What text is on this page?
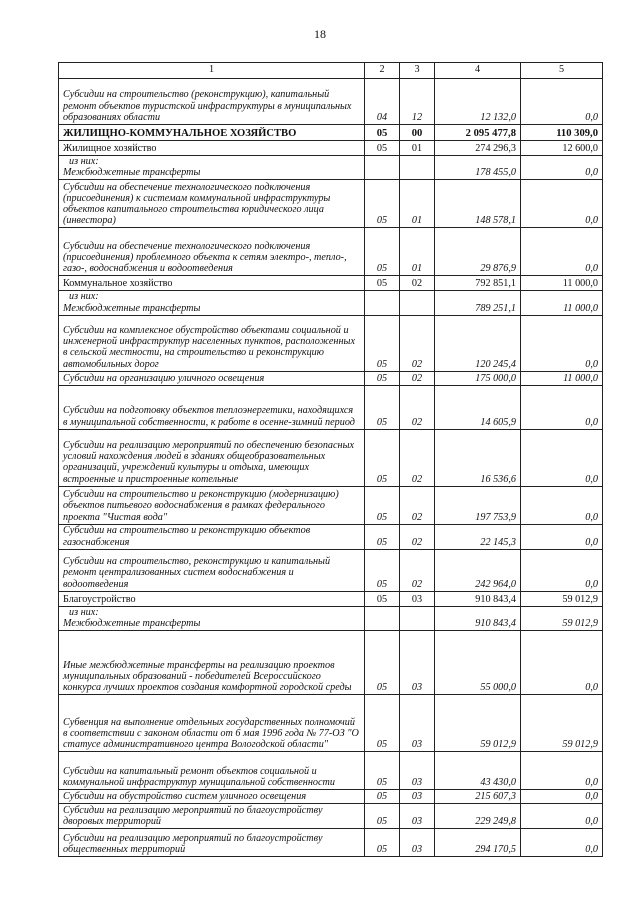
18
1	2	3	4	5
Субсидии на строительство (реконструкцию), капитальный ремонт объектов туристской инфраструктуры в муниципальных образованиях области	04	12	12 132,0	0,0
ЖИЛИЩНО-КОММУНАЛЬНОЕ ХОЗЯЙСТВО	05	00	2 095 477,8	110 309,0
Жилищное хозяйство	05	01	274 296,3	12 600,0

из них:
Межбюджетные трансферты			178 455,0	0,0
Субсидии на обеспечение технологического подключения (присоединения) к системам коммунальной инфраструктуры объектов капитального строительства юридического лица (инвестора)	05	01	148 578,1	0,0
Субсидии на обеспечение технологического подключения (присоединения) проблемного объекта к сетям электро-, тепло-, газо-, водоснабжения и водоотведения	05	01	29 876,9	0,0
Коммунальное хозяйство	05	02	792 851,1	11 000,0

из них:
Межбюджетные трансферты			789 251,1	11 000,0
Субсидии на комплексное обустройство объектами социальной и инженерной инфраструктур населенных пунктов, расположенных в сельской местности, на строительство и реконструкцию автомобильных дорог	05	02	120 245,4	0,0
Субсидии на организацию уличного освещения	05	02	175 000,0	11 000,0
Субсидии на подготовку объектов теплоэнергетики, находящихся в муниципальной собственности, к работе в осенне-зимний период	05	02	14 605,9	0,0
Субсидии на реализацию мероприятий по обеспечению безопасных условий нахождения людей в зданиях общеобразовательных организаций, учреждений культуры и отдыха, имеющих встроенные и пристроенные котельные	05	02	16 536,6	0,0
Субсидии на строительство и реконструкцию (модернизацию) объектов питьевого водоснабжения в рамках федерального проекта "Чистая вода"	05	02	197 753,9	0,0
Субсидии на строительство и реконструкцию объектов газоснабжения	05	02	22 145,3	0,0
Субсидии на строительство, реконструкцию и капитальный ремонт централизованных систем водоснабжения и водоотведения	05	02	242 964,0	0,0
Благоустройство	05	03	910 843,4	59 012,9

из них:
Межбюджетные трансферты			910 843,4	59 012,9
Иные межбюджетные трансферты на реализацию проектов муниципальных образований - победителей Всероссийского конкурса лучших проектов создания комфортной городской среды	05	03	55 000,0	0,0
Субвенция на выполнение отдельных государственных полномочий в соответствии с законом области от 6 мая 1996 года № 77-ОЗ "О статусе административного центра Вологодской области"	05	03	59 012,9	59 012,9
Субсидии на капитальный ремонт объектов социальной и коммунальной инфраструктур муниципальной собственности	05	03	43 430,0	0,0
Субсидии на обустройство систем уличного освещения	05	03	215 607,3	0,0
Субсидии на реализацию мероприятий по благоустройству дворовых территорий	05	03	229 249,8	0,0
Субсидии на реализацию мероприятий по благоустройству общественных территорий	05	03	294 170,5	0,0
